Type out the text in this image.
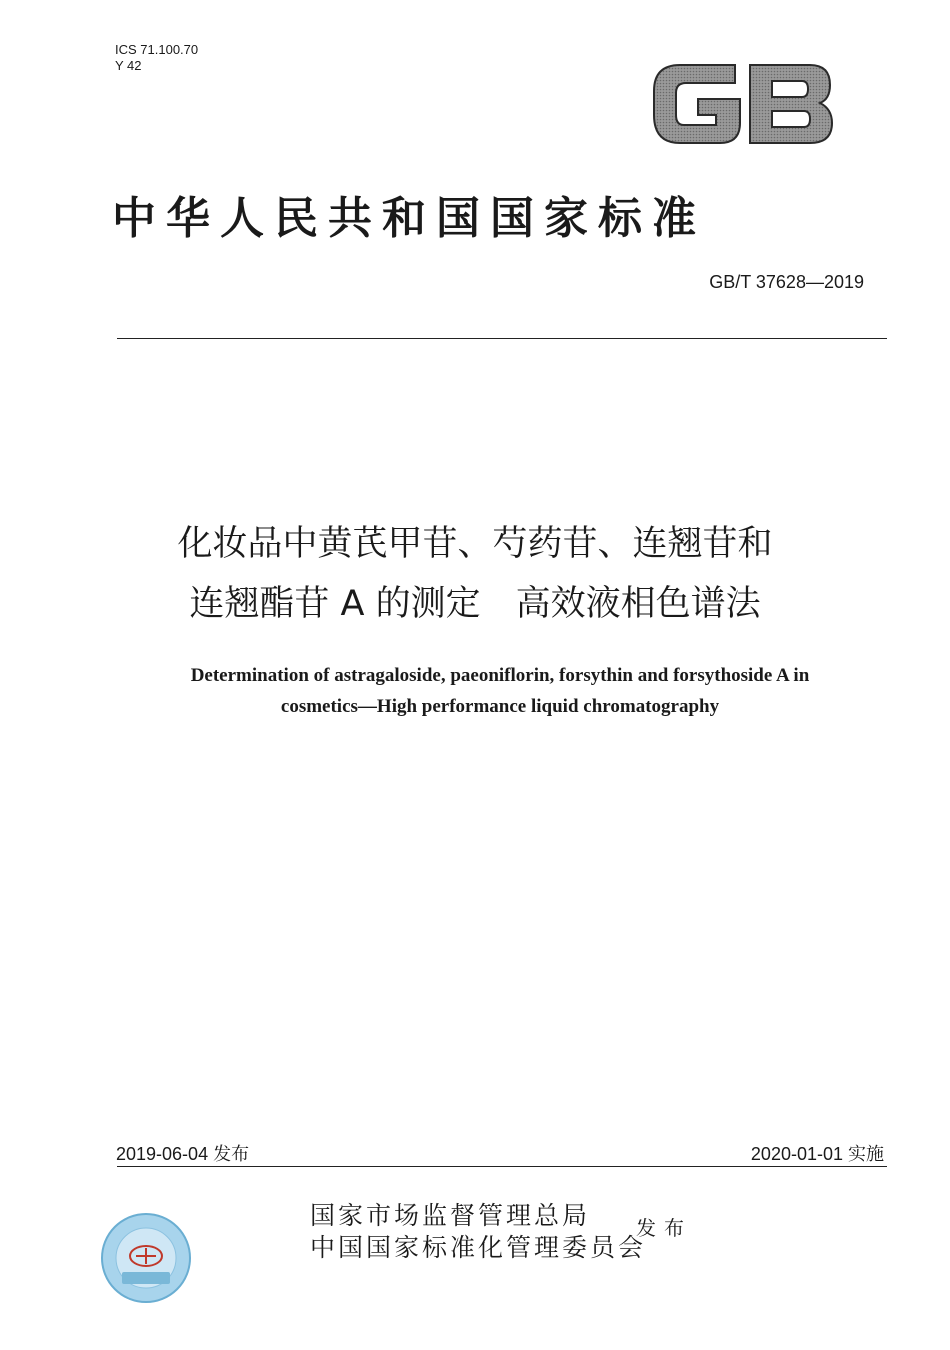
ICS 71.100.70
Y 42
中华人民共和国国家标准
GB/T 37628—2019
化妆品中黄芪甲苷、芍药苷、连翘苷和
连翘酯苷 A 的测定　高效液相色谱法
Determination of astragaloside, paeoniflorin, forsythin and forsythoside A in
cosmetics—High performance liquid chromatography
2019-06-04 发布	2020-01-01 实施
国家市场监督管理总局
中国国家标准化管理委员会
发布
